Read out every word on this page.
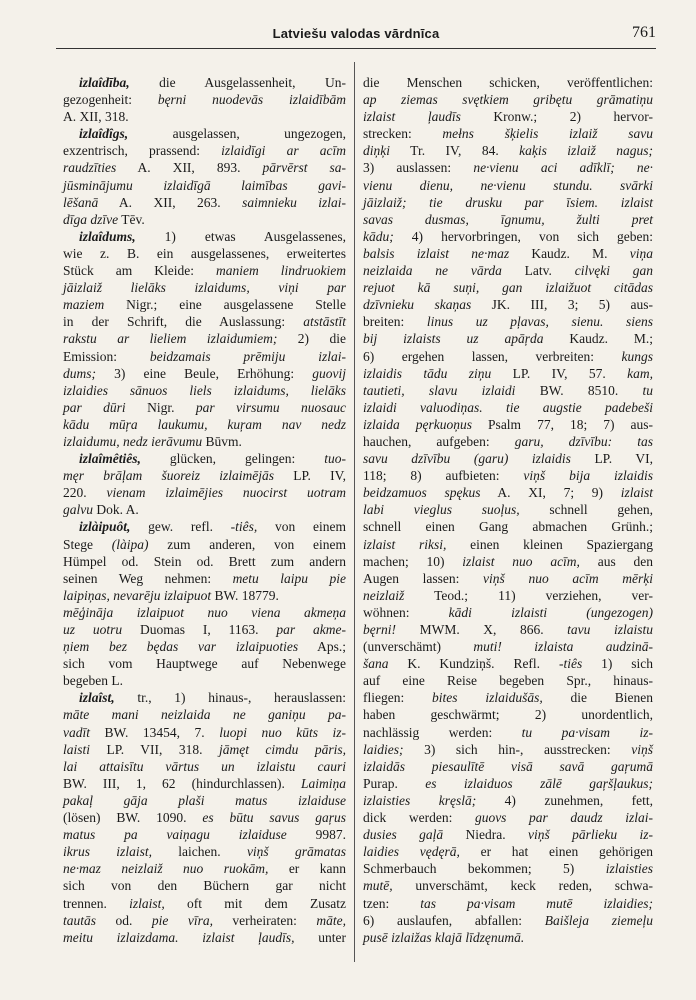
Latviešu valodas vārdnīca	761
izlaîdība, die Ausgelassenheit, Un-
gezogenheit: bęrni nuodevās izlaidībām
A. XII, 318.
izlaîdîgs, ausgelassen, ungezogen,
exzentrisch, prassend: izlaidīgi ar acīm
raudzīties A. XII, 893. pārvērst sa-
jūsminājumu izlaidīgā laimības gavi-
lēšanā A. XII, 263. saimnieku izlai-
dīga dzīve Tēv.
izlaîdums, 1) etwas Ausgelassenes,
wie z. B. ein ausgelassenes, erweitertes
Stück am Kleide: maniem lindruokiem
jāizlaiž lielāks izlaidums, viņi par
maziem Nigr.; eine ausgelassene Stelle
in der Schrift, die Auslassung: atstāstīt
rakstu ar lieliem izlaidumiem; 2) die
Emission: beidzamais prēmiju izlai-
dums; 3) eine Beule, Erhöhung: guovij
izlaidies sānuos liels izlaidums, lielāks
par dūri Nigr. par virsumu nuosauc
kādu mūŗa laukumu, kuŗam nav nedz
izlaidumu, nedz ierāvumu Būvm.
izlaîmêtiês, glücken, gelingen: tuo-
męr brāļam šuoreiz izlaimējās LP. IV,
220. vienam izlaimējies nuocirst uotram
galvu Dok. A.
izlàipuôt, gew. refl. -tiês, von einem
Stege (làipa) zum anderen, von einem
Hümpel od. Stein od. Brett zum andern
seinen Weg nehmen: metu laipu pie
laipiņas, nevarēju izlaipuot BW. 18779.
mēģināja izlaipuot nuo viena akmeņa
uz uotru Duomas I, 1163. par akme-
ņiem bez będas var izlaipuoties Aps.;
sich vom Hauptwege auf Nebenwege
begeben L.
izlaîst, tr., 1) hinaus-, herauslassen:
māte mani neizlaida ne ganiņu pa-
vadīt BW. 13454, 7. luopi nuo kūts iz-
laisti LP. VII, 318. jāmęt cimdu pāris,
lai attaisītu vārtus un izlaistu cauri
BW. III, 1, 62 (hindurchlassen). Laimiņa
pakaļ gāja plaši matus izlaiduse
(lösen) BW. 1090. es būtu savus gaŗus
matus pa vaiņagu izlaiduse 9987.
ikrus izlaist, laichen. viņš grāmatas
ne·maz neizlaiž nuo ruokām, er kann
sich von den Büchern gar nicht
trennen. izlaist, oft mit dem Zusatz
tautās od. pie vīra, verheiraten: māte,
meitu izlaizdama. izlaist ļaudīs, unter
die Menschen schicken, veröffentlichen:
ap ziemas svętkiem gribętu grāmatiņu
izlaist ļaudīs Kronw.; 2) hervor-
strecken: mełns šķielis izlaiž savu
diņķi Tr. IV, 84. kaķis izlaiž nagus;
3) auslassen: ne·vienu aci adīklī; ne·
vienu dienu, ne·vienu stundu. svārki
jāizlaiž; tie drusku par īsiem. izlaist
savas dusmas, īgnumu, žulti pret
kādu; 4) hervorbringen, von sich geben:
balsis izlaist ne·maz Kaudz. M. viņa
neizlaida ne vārda Latv. cilvęki gan
rejuot kā suņi, gan izlaižuot citādas
dzīvnieku skaņas JK. III, 3; 5) aus-
breiten: linus uz pļavas, sienu. siens
bij izlaists uz apāŗda Kaudz. M.;
6) ergehen lassen, verbreiten: kungs
izlaidis tādu ziņu LP. IV, 57. kam,
tautieti, slavu izlaidi BW. 8510. tu
izlaidi valuodiņas. tie augstie padebeši
izlaida pęrkuoņus Psalm 77, 18; 7) aus-
hauchen, aufgeben: garu, dzīvību: tas
savu dzīvību (garu) izlaidis LP. VI,
118; 8) aufbieten: viņš bija izlaidis
beidzamuos spękus A. XI, 7; 9) izlaist
labi vieglus suoļus, schnell gehen,
schnell einen Gang abmachen Grünh.;
izlaist riksi, einen kleinen Spaziergang
machen; 10) izlaist nuo acīm, aus den
Augen lassen: viņš nuo acīm mērķi
neizlaiž Teod.; 11) verziehen, ver-
wöhnen: kādi izlaisti (ungezogen)
bęrni! MWM. X, 866. tavu izlaistu
(unverschämt) muti! izlaista audzinā-
šana K. Kundziņš. Refl. -tiês 1) sich
auf eine Reise begeben Spr., hinaus-
fliegen: bites izlaidušās, die Bienen
haben geschwärmt; 2) unordentlich,
nachlässig werden: tu pa·visam iz-
laidies; 3) sich hin-, ausstrecken: viņš
izlaidās piesaulītē visā savā gaŗumā
Purap. es izlaiduos zālē gaŗšļaukus;
izlaisties kręslā; 4) zunehmen, fett,
dick werden: guovs par daudz izlai-
dusies gaļā Niedra. viņš pārlieku iz-
laidies vędęrā, er hat einen gehörigen
Schmerbauch bekommen; 5) izlaisties
mutē, unverschämt, keck reden, schwa-
tzen: tas pa·visam mutē izlaidies;
6) auslaufen, abfallen: Baišleja ziemeļu
pusē izlaižas klajā līdzęnumā.
